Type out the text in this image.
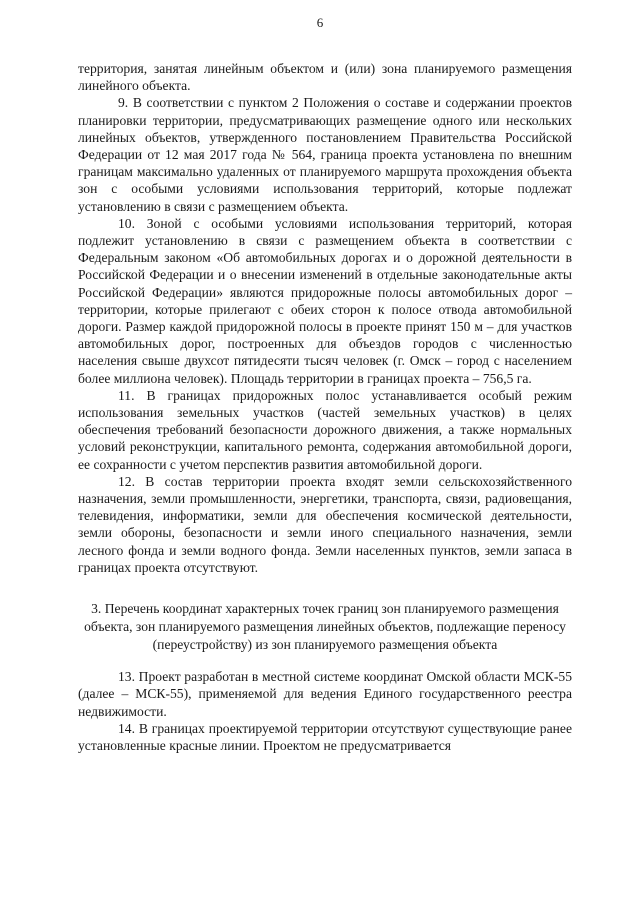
6

территория, занятая линейным объектом и (или) зона планируемого размещения линейного объекта.

9. В соответствии с пунктом 2 Положения о составе и содержании проектов планировки территории, предусматривающих размещение одного или нескольких линейных объектов, утвержденного постановлением Правительства Российской Федерации от 12 мая 2017 года № 564, граница проекта установлена по внешним границам максимально удаленных от планируемого маршрута прохождения объекта зон с особыми условиями использования территорий, которые подлежат установлению в связи с размещением объекта.

10. Зоной с особыми условиями использования территорий, которая подлежит установлению в связи с размещением объекта в соответствии с Федеральным законом «Об автомобильных дорогах и о дорожной деятельности в Российской Федерации и о внесении изменений в отдельные законодательные акты Российской Федерации» являются придорожные полосы автомобильных дорог – территории, которые прилегают с обеих сторон к полосе отвода автомобильной дороги. Размер каждой придорожной полосы в проекте принят 150 м – для участков автомобильных дорог, построенных для объездов городов с численностью населения свыше двухсот пятидесяти тысяч человек (г. Омск – город с населением более миллиона человек). Площадь территории в границах проекта – 756,5 га.

11. В границах придорожных полос устанавливается особый режим использования земельных участков (частей земельных участков) в целях обеспечения требований безопасности дорожного движения, а также нормальных условий реконструкции, капитального ремонта, содержания автомобильной дороги, ее сохранности с учетом перспектив развития автомобильной дороги.

12. В состав территории проекта входят земли сельскохозяйственного назначения, земли промышленности, энергетики, транспорта, связи, радиовещания, телевидения, информатики, земли для обеспечения космической деятельности, земли обороны, безопасности и земли иного специального назначения, земли лесного фонда и земли водного фонда. Земли населенных пунктов, земли запаса в границах проекта отсутствуют.

3. Перечень координат характерных точек границ зон планируемого размещения объекта, зон планируемого размещения линейных объектов, подлежащие переносу (переустройству) из зон планируемого размещения объекта

13. Проект разработан в местной системе координат Омской области МСК-55 (далее – МСК-55), применяемой для ведения Единого государственного реестра недвижимости.

14. В границах проектируемой территории отсутствуют существующие ранее установленные красные линии. Проектом не предусматривается
